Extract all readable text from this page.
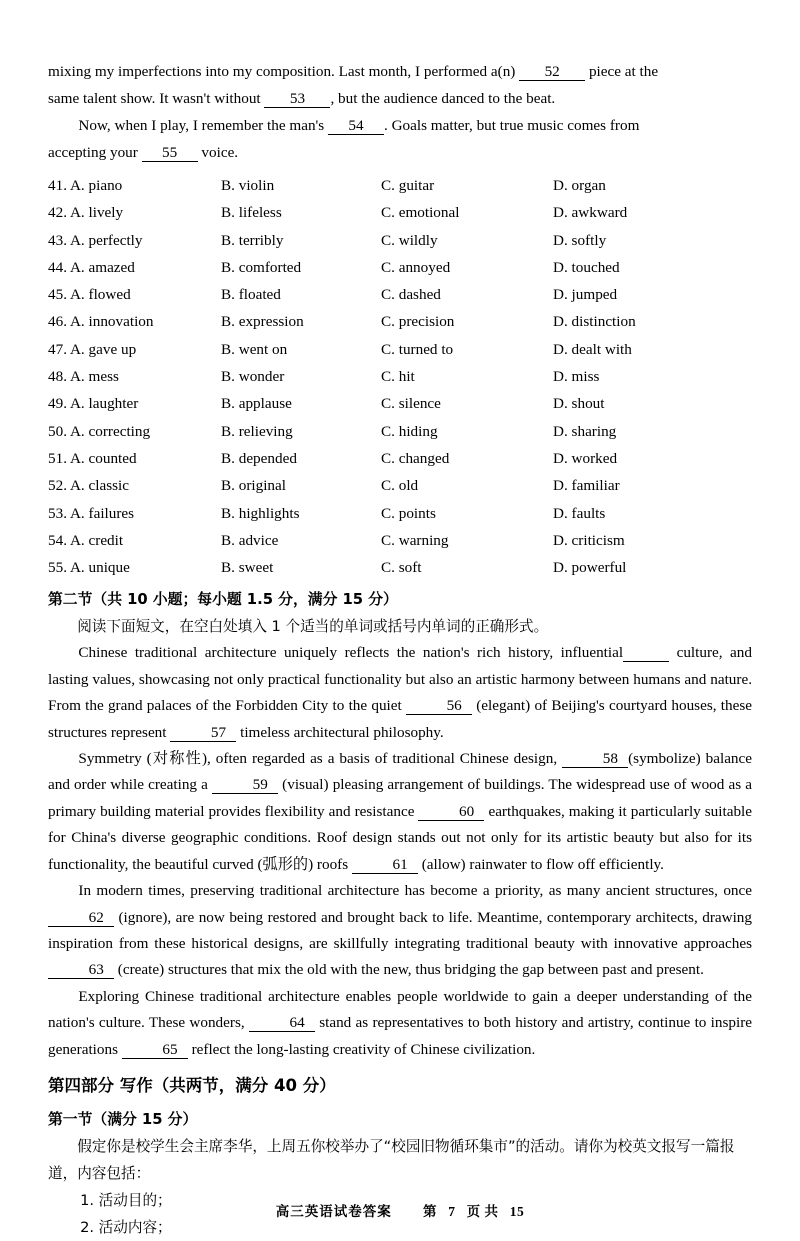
mixing my imperfections into my composition. Last month, I performed a(n) 52 piece at the
same talent show. It wasn't without 53 , but the audience danced to the beat.
Now, when I play, I remember the man's 54 . Goals matter, but true music comes from
accepting your 55 voice.
41. A. piano	B. violin	C. guitar	D. organ
42. A. lively	B. lifeless	C. emotional	D. awkward
43. A. perfectly	B. terribly	C. wildly	D. softly
44. A. amazed	B. comforted	C. annoyed	D. touched
45. A. flowed	B. floated	C. dashed	D. jumped
46. A. innovation	B. expression	C. precision	D. distinction
47. A. gave up	B. went on	C. turned to	D. dealt with
48. A. mess	B. wonder	C. hit	D. miss
49. A. laughter	B. applause	C. silence	D. shout
50. A. correcting	B. relieving	C. hiding	D. sharing
51. A. counted	B. depended	C. changed	D. worked
52. A. classic	B. original	C. old	D. familiar
53. A. failures	B. highlights	C. points	D. faults
54. A. credit	B. advice	C. warning	D. criticism
55. A. unique	B. sweet	C. soft	D. powerful
第二节（共 10 小题；每小题 1.5 分，满分 15 分）
阅读下面短文，在空白处填入 1 个适当的单词或括号内单词的正确形式。
Chinese traditional architecture uniquely reflects the nation's rich history, influential	culture, and lasting values, showcasing not only practical functionality but also an artistic harmony between humans and nature. From the grand palaces of the Forbidden City to the quiet	56 (elegant) of Beijing's courtyard houses, these structures represent	57 timeless architectural philosophy.
Symmetry (对称性), often regarded as a basis of traditional Chinese design,	58 (symbolize) balance and order while creating a	59 (visual) pleasing arrangement of buildings. The widespread use of wood as a primary building material provides flexibility and resistance	60 earthquakes, making it particularly suitable for China's diverse geographic conditions. Roof design stands out not only for its artistic beauty but also for its functionality, the beautiful curved (弧形的) roofs	61 (allow) rainwater to flow off efficiently.
In modern times, preserving traditional architecture has become a priority, as many ancient structures, once 62 (ignore), are now being restored and brought back to life. Meantime, contemporary architects, drawing inspiration from these historical designs, are skillfully integrating traditional beauty with innovative approaches 63 (create) structures that mix the old with the new, thus bridging the gap between past and present.
Exploring Chinese traditional architecture enables people worldwide to gain a deeper understanding of the nation's culture. These wonders,	64 stand as representatives to both history and artistry, continue to inspire generations	65 reflect the long-lasting creativity of Chinese civilization.
第四部分 写作（共两节，满分 40 分）
第一节（满分 15 分）
假定你是校学生会主席李华，上周五你校举办了“校园旧物循环集市”的活动。请你为校英文报写一篇报道，内容包括：
1. 活动目的；
2. 活动内容；
高三英语试卷答案 第 7 页 共 15
